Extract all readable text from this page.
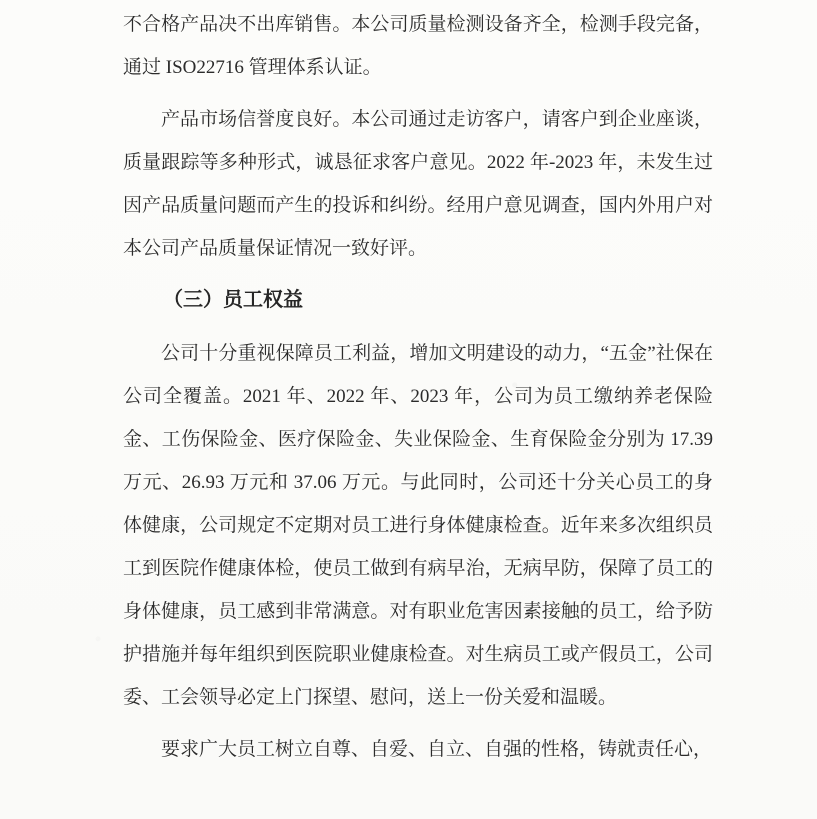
不合格产品决不出库销售。本公司质量检测设备齐全，检测手段完备，通过 ISO22716 管理体系认证。

产品市场信誉度良好。本公司通过走访客户，请客户到企业座谈，质量跟踪等多种形式，诚恳征求客户意见。2022 年-2023 年，未发生过因产品质量问题而产生的投诉和纠纷。经用户意见调查，国内外用户对本公司产品质量保证情况一致好评。

（三）员工权益

公司十分重视保障员工利益，增加文明建设的动力，“五金”社保在公司全覆盖。2021 年、2022 年、2023 年，公司为员工缴纳养老保险金、工伤保险金、医疗保险金、失业保险金、生育保险金分别为 17.39 万元、26.93 万元和 37.06 万元。与此同时，公司还十分关心员工的身体健康，公司规定不定期对员工进行身体健康检查。近年来多次组织员工到医院作健康体检，使员工做到有病早治，无病早防，保障了员工的身体健康，员工感到非常满意。对有职业危害因素接触的员工，给予防护措施并每年组织到医院职业健康检查。对生病员工或产假员工，公司委、工会领导必定上门探望、慰问，送上一份关爱和温暖。

要求广大员工树立自尊、自爱、自立、自强的性格，铸就责任心，
